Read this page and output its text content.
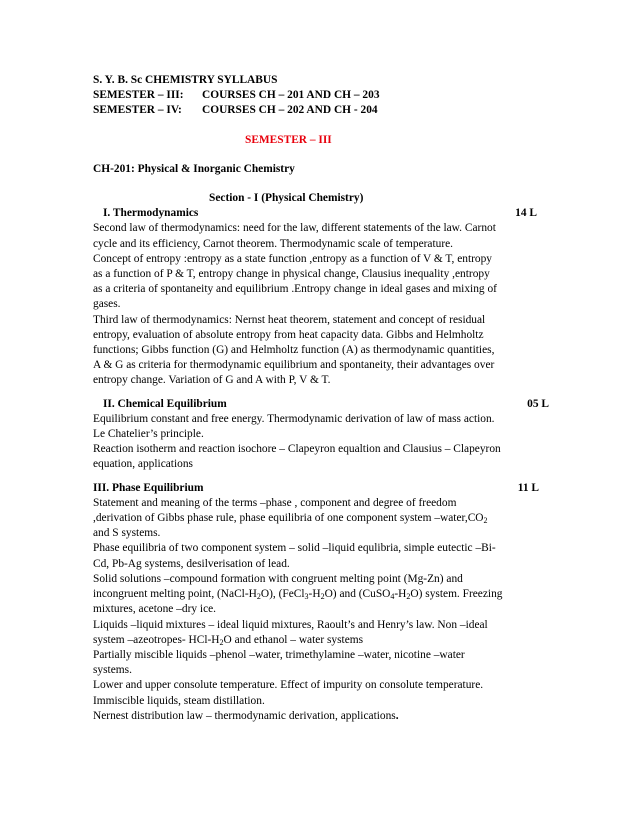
S. Y. B. Sc CHEMISTRY SYLLABUS
SEMESTER – III: COURSES CH – 201 AND CH – 203
SEMESTER – IV: COURSES CH – 202 AND CH - 204
SEMESTER – III
CH-201: Physical & Inorganic Chemistry
Section - I (Physical Chemistry)
I. Thermodynamics	14 L
Second law of thermodynamics: need for the law, different statements of the law. Carnot
cycle and its efficiency, Carnot theorem. Thermodynamic scale of temperature.
Concept of entropy :entropy as a state function ,entropy as a function of V & T, entropy
as a function of P & T, entropy change in physical change, Clausius inequality ,entropy
as a criteria of spontaneity and equilibrium .Entropy change in ideal gases and mixing of
gases.
Third law of thermodynamics: Nernst heat theorem, statement and concept of residual
entropy, evaluation of absolute entropy from heat capacity data. Gibbs and Helmholtz
functions; Gibbs function (G) and Helmholtz function (A) as thermodynamic quantities,
A & G as criteria for thermodynamic equilibrium and spontaneity, their advantages over
entropy change. Variation of G and A with P, V & T.
II. Chemical Equilibrium	05 L
Equilibrium constant and free energy. Thermodynamic derivation of law of mass action.
Le Chatelier’s principle.
Reaction isotherm and reaction isochore – Clapeyron equaltion and Clausius – Clapeyron
equation, applications
III. Phase Equilibrium	11 L
Statement and meaning of the terms –phase , component and degree of freedom
,derivation of Gibbs phase rule, phase equilibria of one component system $-water,CO_2$
and S systems.
Phase equilibria of two component system – solid –liquid equlibria, simple eutectic –Bi-
Cd, Pb-Ag systems, desilverisation of lead.
Solid solutions –compound formation with congruent melting point (Mg-Zn) and
incongruent melting point, $(NaCl-H_2O)$, $(FeCl_3-H_2O)$ and $(CuSO_4-H_2O)$ system. Freezing
mixtures, acetone –dry ice.
Liquids –liquid mixtures – ideal liquid mixtures, Raoult’s and Henry’s law. Non –ideal
system –azeotropes- HCl-$H_2O$ and ethanol – water systems
Partially miscible liquids –phenol –water, trimethylamine –water, nicotine –water
systems.
Lower and upper consolute temperature. Effect of impurity on consolute temperature.
Immiscible liquids, steam distillation.
Nernest distribution law – thermodynamic derivation, applications.
